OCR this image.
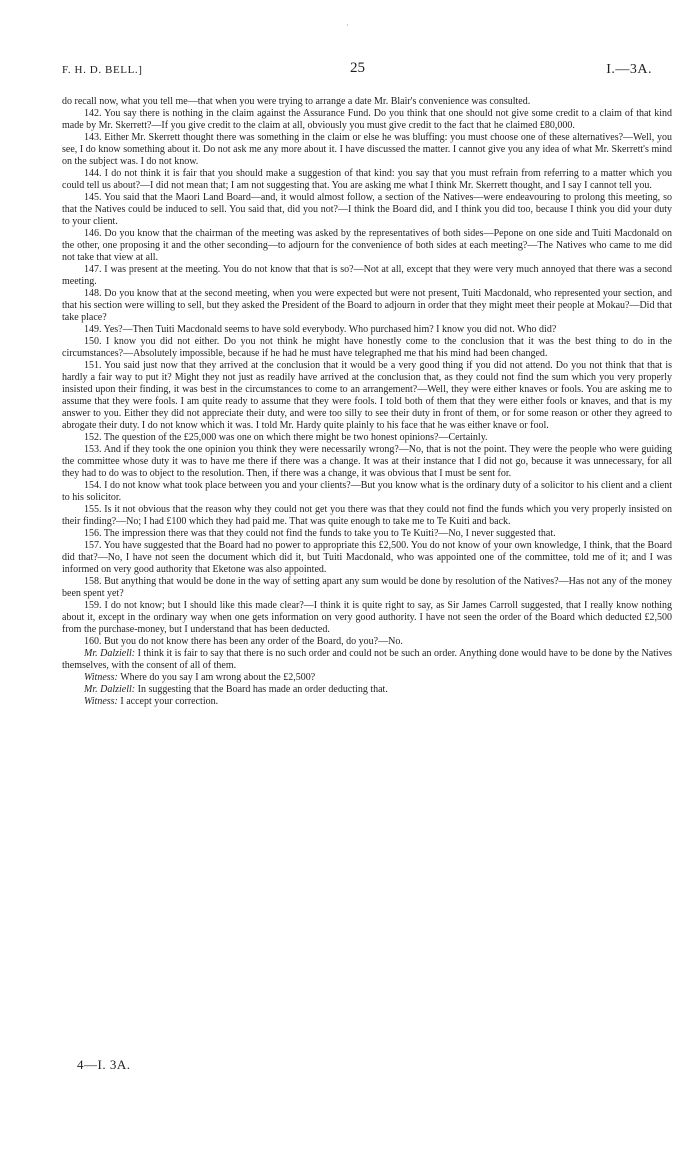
·
F. H. D. BELL.]	25	I.—3A.

do recall now, what you tell me—that when you were trying to arrange a date Mr. Blair's convenience was consulted.

142. You say there is nothing in the claim against the Assurance Fund. Do you think that one should not give some credit to a claim of that kind made by Mr. Skerrett?—If you give credit to the claim at all, obviously you must give credit to the fact that he claimed £80,000.

143. Either Mr. Skerrett thought there was something in the claim or else he was bluffing: you must choose one of these alternatives?—Well, you see, I do know something about it. Do not ask me any more about it. I have discussed the matter. I cannot give you any idea of what Mr. Skerrett's mind on the subject was. I do not know.

144. I do not think it is fair that you should make a suggestion of that kind: you say that you must refrain from referring to a matter which you could tell us about?—I did not mean that; I am not suggesting that. You are asking me what I think Mr. Skerrett thought, and I say I cannot tell you.

145. You said that the Maori Land Board—and, it would almost follow, a section of the Natives—were endeavouring to prolong this meeting, so that the Natives could be induced to sell. You said that, did you not?—I think the Board did, and I think you did too, because I think you did your duty to your client.

146. Do you know that the chairman of the meeting was asked by the representatives of both sides—Pepone on one side and Tuiti Macdonald on the other, one proposing it and the other seconding—to adjourn for the convenience of both sides at each meeting?—The Natives who came to me did not take that view at all.

147. I was present at the meeting. You do not know that that is so?—Not at all, except that they were very much annoyed that there was a second meeting.

148. Do you know that at the second meeting, when you were expected but were not present, Tuiti Macdonald, who represented your section, and that his section were willing to sell, but they asked the President of the Board to adjourn in order that they might meet their people at Mokau?—Did that take place?

149. Yes?—Then Tuiti Macdonald seems to have sold everybody. Who purchased him? I know you did not. Who did?

150. I know you did not either. Do you not think he might have honestly come to the conclusion that it was the best thing to do in the circumstances?—Absolutely impossible, because if he had he must have telegraphed me that his mind had been changed.

151. You said just now that they arrived at the conclusion that it would be a very good thing if you did not attend. Do you not think that that is hardly a fair way to put it? Might they not just as readily have arrived at the conclusion that, as they could not find the sum which you very properly insisted upon their finding, it was best in the circumstances to come to an arrangement?—Well, they were either knaves or fools. You are asking me to assume that they were fools. I am quite ready to assume that they were fools. I told both of them that they were either fools or knaves, and that is my answer to you. Either they did not appreciate their duty, and were too silly to see their duty in front of them, or for some reason or other they agreed to abrogate their duty. I do not know which it was. I told Mr. Hardy quite plainly to his face that he was either knave or fool.

152. The question of the £25,000 was one on which there might be two honest opinions?—Certainly.

153. And if they took the one opinion you think they were necessarily wrong?—No, that is not the point. They were the people who were guiding the committee whose duty it was to have me there if there was a change. It was at their instance that I did not go, because it was unnecessary, for all they had to do was to object to the resolution. Then, if there was a change, it was obvious that I must be sent for.

154. I do not know what took place between you and your clients?—But you know what is the ordinary duty of a solicitor to his client and a client to his solicitor.

155. Is it not obvious that the reason why they could not get you there was that they could not find the funds which you very properly insisted on their finding?—No; I had £100 which they had paid me. That was quite enough to take me to Te Kuiti and back.

156. The impression there was that they could not find the funds to take you to Te Kuiti?—No, I never suggested that.

157. You have suggested that the Board had no power to appropriate this £2,500. You do not know of your own knowledge, I think, that the Board did that?—No, I have not seen the document which did it, but Tuiti Macdonald, who was appointed one of the committee, told me of it; and I was informed on very good authority that Eketone was also appointed.

158. But anything that would be done in the way of setting apart any sum would be done by resolution of the Natives?—Has not any of the money been spent yet?

159. I do not know; but I should like this made clear?—I think it is quite right to say, as Sir James Carroll suggested, that I really know nothing about it, except in the ordinary way when one gets information on very good authority. I have not seen the order of the Board which deducted £2,500 from the purchase-money, but I understand that has been deducted.

160. But you do not know there has been any order of the Board, do you?—No.

Mr. Dalziell: I think it is fair to say that there is no such order and could not be such an order. Anything done would have to be done by the Natives themselves, with the consent of all of them.

Witness: Where do you say I am wrong about the £2,500?

Mr. Dalziell: In suggesting that the Board has made an order deducting that.

Witness: I accept your correction.

4—I. 3A.
